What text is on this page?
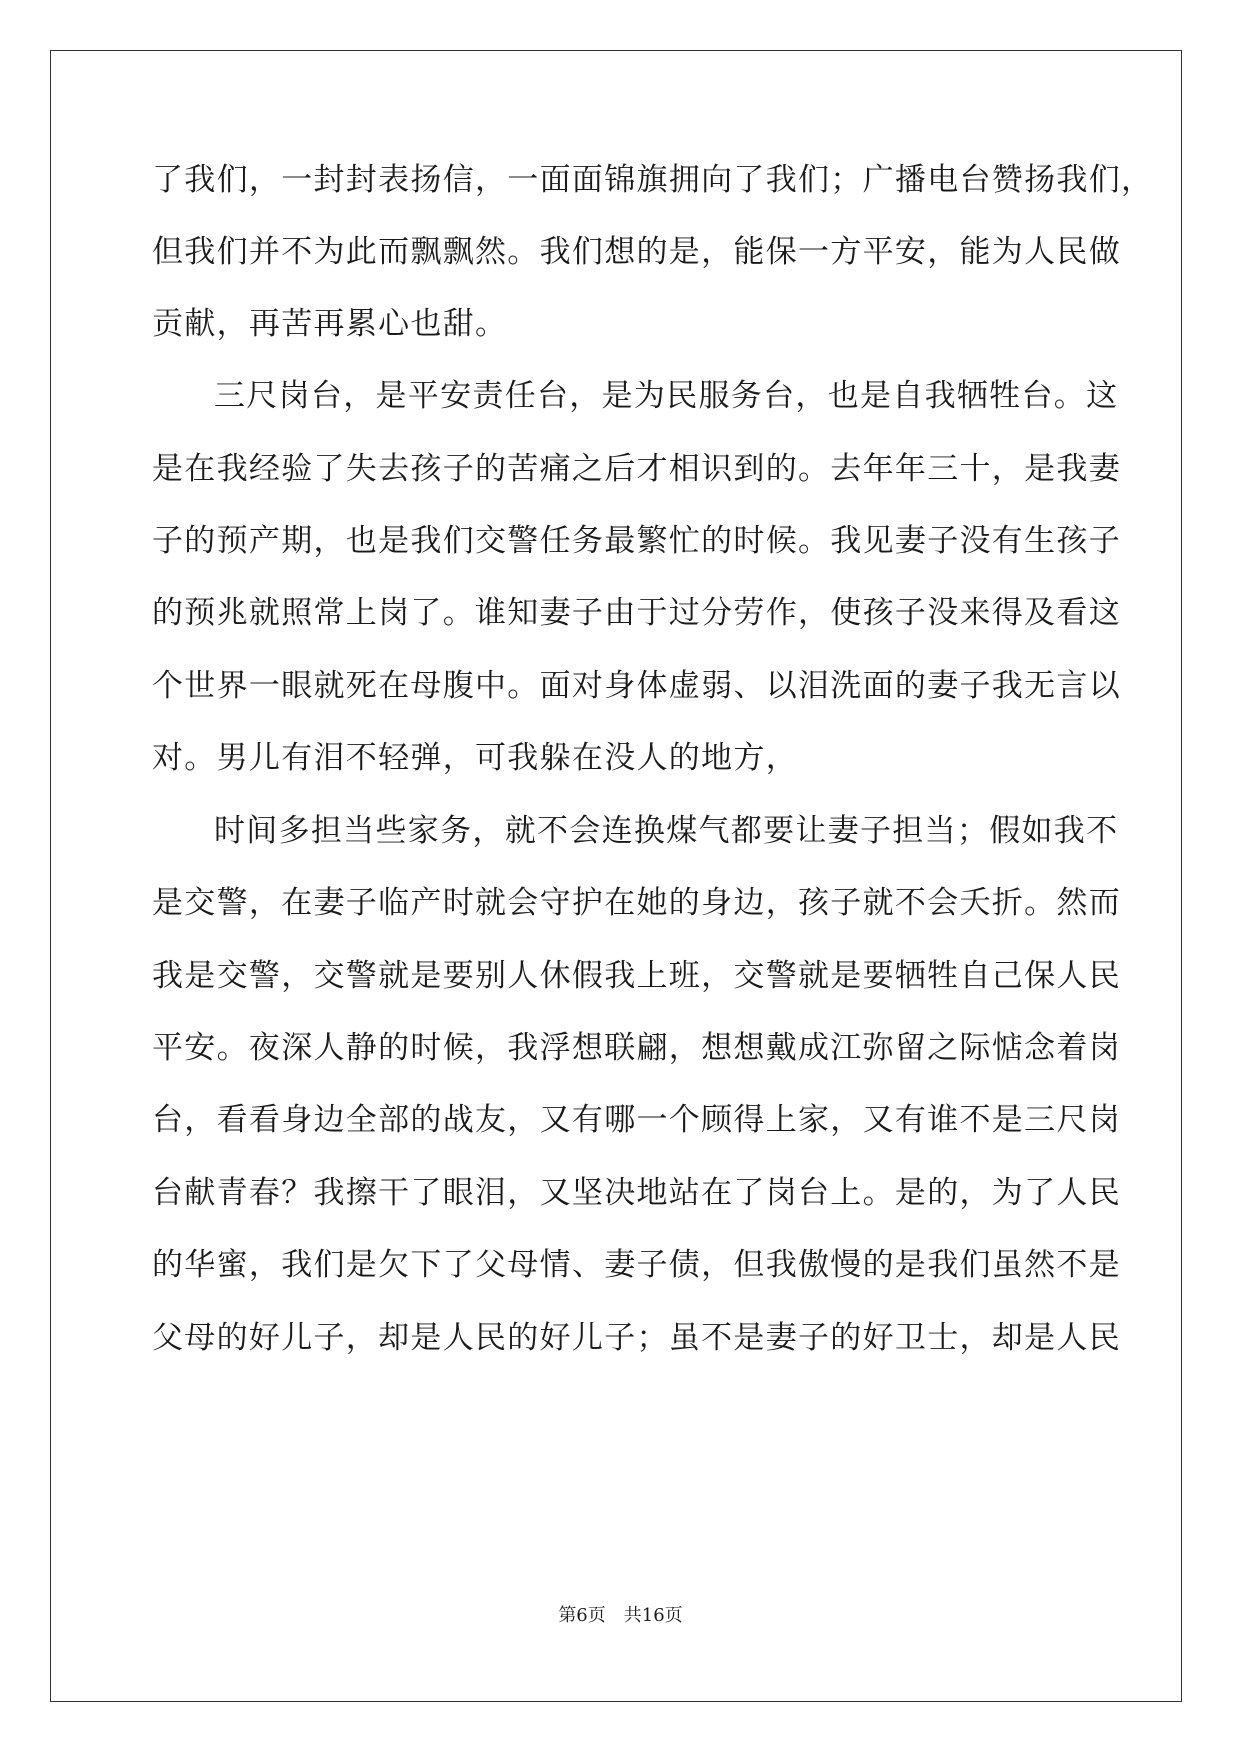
了我们，一封封表扬信，一面面锦旗拥向了我们；广播电台赞扬我们，
但我们并不为此而飘飘然。我们想的是，能保一方平安，能为人民做
贡献，再苦再累心也甜。
三尺岗台，是平安责任台，是为民服务台，也是自我牺牲台。这
是在我经验了失去孩子的苦痛之后才相识到的。去年年三十，是我妻
子的预产期，也是我们交警任务最繁忙的时候。我见妻子没有生孩子
的预兆就照常上岗了。谁知妻子由于过分劳作，使孩子没来得及看这
个世界一眼就死在母腹中。面对身体虚弱、以泪洗面的妻子我无言以
对。男儿有泪不轻弹，可我躲在没人的地方，
时间多担当些家务，就不会连换煤气都要让妻子担当；假如我不
是交警，在妻子临产时就会守护在她的身边，孩子就不会夭折。然而
我是交警，交警就是要别人休假我上班，交警就是要牺牲自己保人民
平安。夜深人静的时候，我浮想联翩，想想戴成江弥留之际惦念着岗
台，看看身边全部的战友，又有哪一个顾得上家，又有谁不是三尺岗
台献青春？我擦干了眼泪，又坚决地站在了岗台上。是的，为了人民
的华蜜，我们是欠下了父母情、妻子债，但我傲慢的是我们虽然不是
父母的好儿子，却是人民的好儿子；虽不是妻子的好卫士，却是人民
第6页 共16页
